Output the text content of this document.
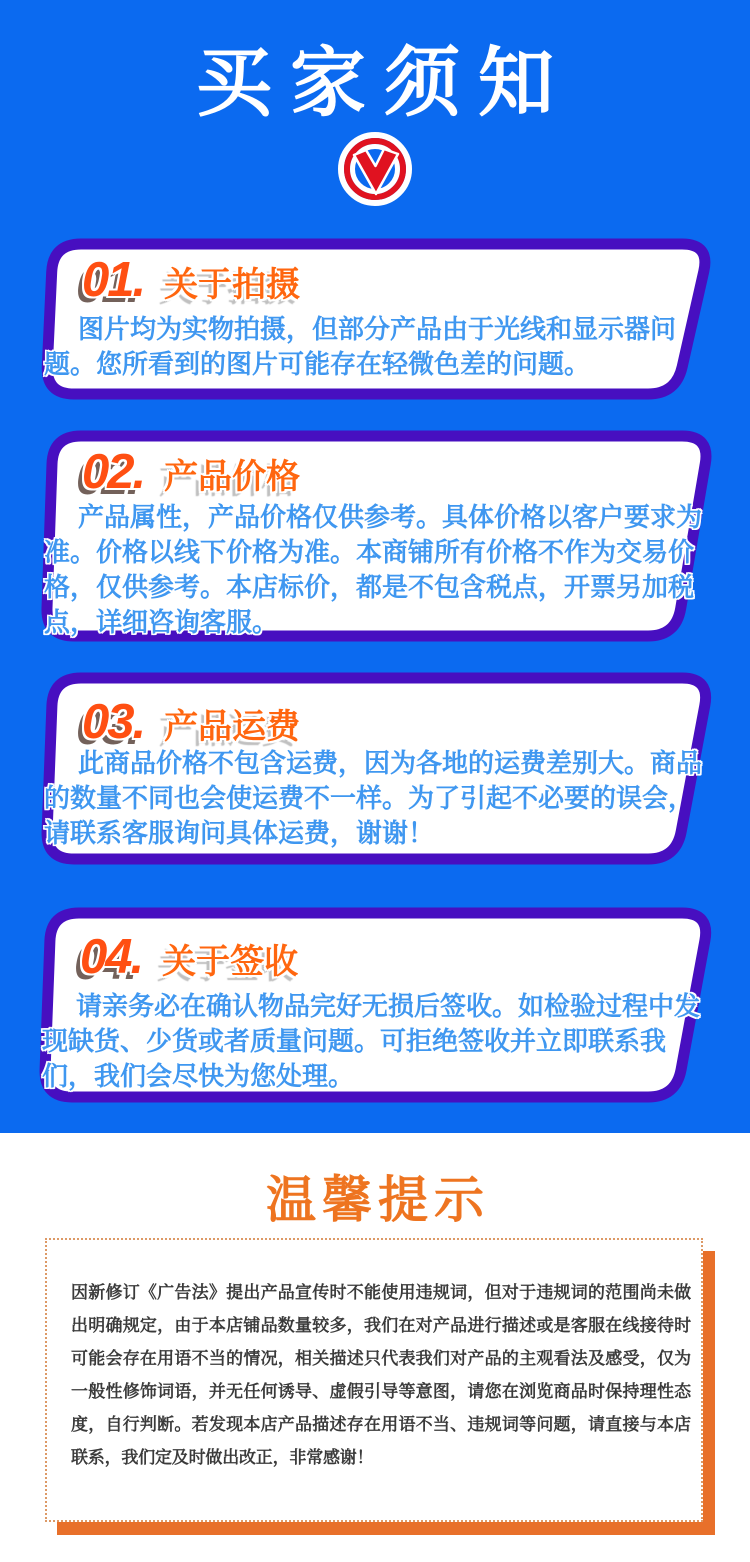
买家须知
01. 关于拍摄

图片均为实物拍摄，但部分产品由于光线和显示器问题。您所看到的图片可能存在轻微色差的问题。

02. 产品价格

产品属性，产品价格仅供参考。具体价格以客户要求为准。价格以线下价格为准。本商铺所有价格不作为交易价格，仅供参考。本店标价，都是不包含税点，开票另加税点，详细咨询客服。

03. 产品运费

此商品价格不包含运费，因为各地的运费差别大。商品的数量不同也会使运费不一样。为了引起不必要的误会，请联系客服询问具体运费，谢谢！

04. 关于签收

请亲务必在确认物品完好无损后签收。如检验过程中发现缺货、少货或者质量问题。可拒绝签收并立即联系我们，我们会尽快为您处理。

温馨提示

因新修订《广告法》提出产品宣传时不能使用违规词，但对于违规词的范围尚未做出明确规定，由于本店铺品数量较多，我们在对产品进行描述或是客服在线接待时可能会存在用语不当的情况，相关描述只代表我们对产品的主观看法及感受，仅为一般性修饰词语，并无任何诱导、虚假引导等意图，请您在浏览商品时保持理性态度，自行判断。若发现本店产品描述存在用语不当、违规词等问题，请直接与本店联系，我们定及时做出改正，非常感谢！
